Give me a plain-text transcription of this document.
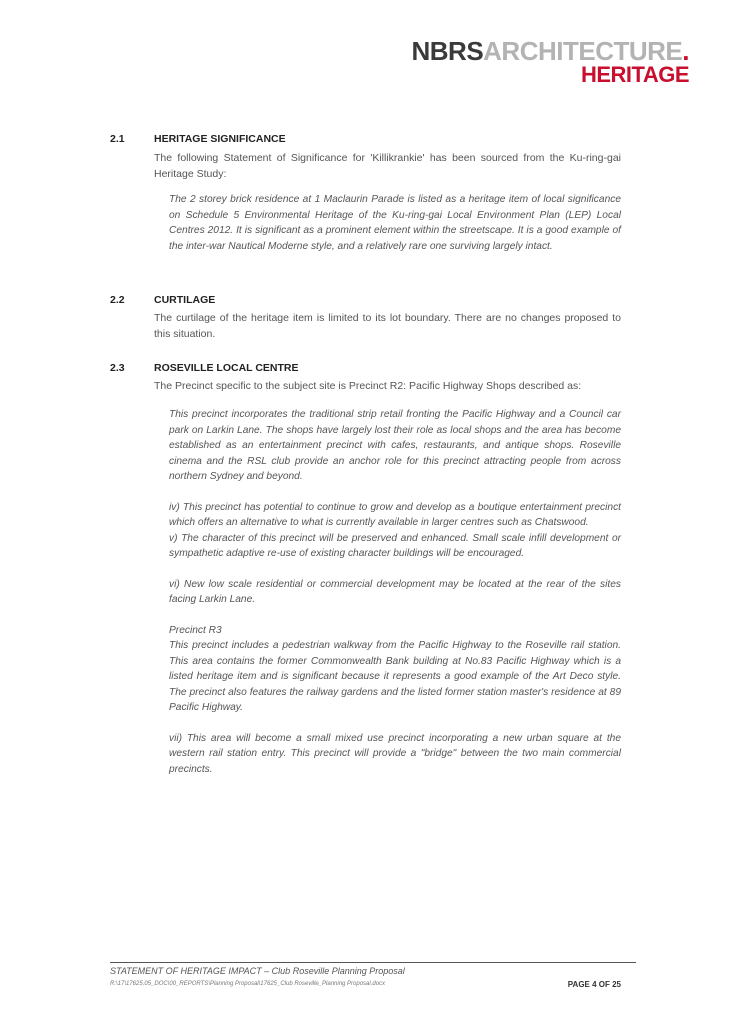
NBRSARCHITECTURE.
HERITAGE
2.1	HERITAGE SIGNIFICANCE
The following Statement of Significance for 'Killikrankie' has been sourced from the Ku-ring-gai Heritage Study:
The 2 storey brick residence at 1 Maclaurin Parade is listed as a heritage item of local significance on Schedule 5 Environmental Heritage of the Ku-ring-gai Local Environment Plan (LEP) Local Centres 2012. It is significant as a prominent element within the streetscape. It is a good example of the inter-war Nautical Moderne style, and a relatively rare one surviving largely intact.
2.2	CURTILAGE
The curtilage of the heritage item is limited to its lot boundary. There are no changes proposed to this situation.
2.3	ROSEVILLE LOCAL CENTRE
The Precinct specific to the subject site is Precinct R2: Pacific Highway Shops described as:

This precinct incorporates the traditional strip retail fronting the Pacific Highway and a Council car park on Larkin Lane. The shops have largely lost their role as local shops and the area has become established as an entertainment precinct with cafes, restaurants, and antique shops. Roseville cinema and the RSL club provide an anchor role for this precinct attracting people from across northern Sydney and beyond.

iv) This precinct has potential to continue to grow and develop as a boutique entertainment precinct which offers an alternative to what is currently available in larger centres such as Chatswood.

v) The character of this precinct will be preserved and enhanced. Small scale infill development or sympathetic adaptive re-use of existing character buildings will be encouraged.

vi) New low scale residential or commercial development may be located at the rear of the sites facing Larkin Lane.

Precinct R3

This precinct includes a pedestrian walkway from the Pacific Highway to the Roseville rail station. This area contains the former Commonwealth Bank building at No.83 Pacific Highway which is a listed heritage item and is significant because it represents a good example of the Art Deco style. The precinct also features the railway gardens and the listed former station master's residence at 89 Pacific Highway.

vii) This area will become a small mixed use precinct incorporating a new urban square at the western rail station entry. This precinct will provide a "bridge" between the two main commercial precincts.

STATEMENT OF HERITAGE IMPACT – Club Roseville Planning Proposal
R:\17\17625.05_DOC\00_REPORTS\Planning Proposal\17625_Club Roseville_Planning Proposal.docx	PAGE 4 OF 25
